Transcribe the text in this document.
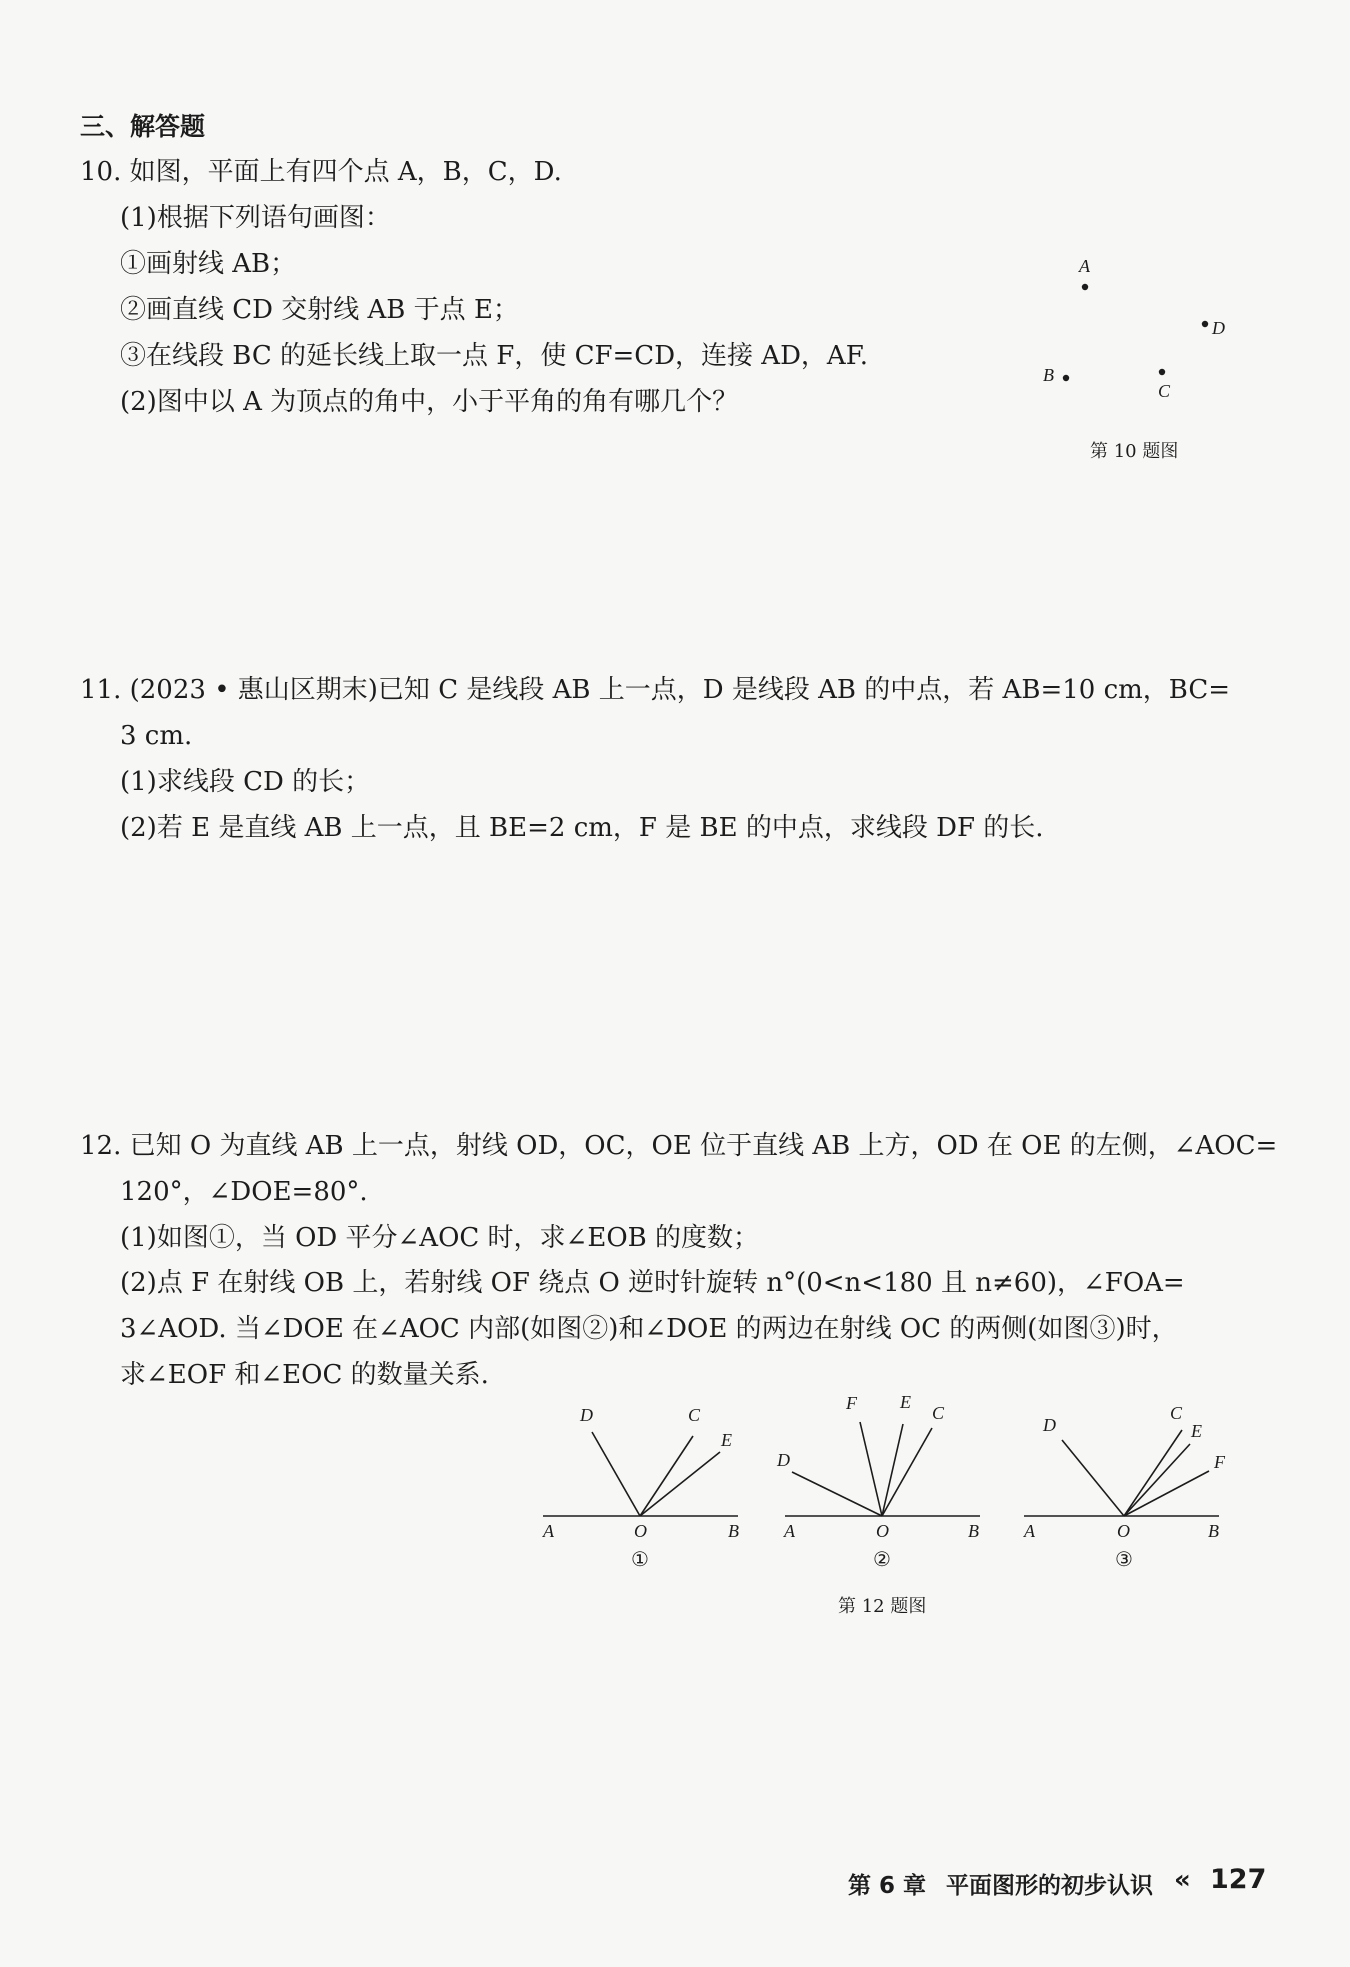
三、解答题
10. 如图，平面上有四个点 A，B，C，D.
(1)根据下列语句画图：
①画射线 AB；
②画直线 CD 交射线 AB 于点 E；
③在线段 BC 的延长线上取一点 F，使 CF=CD，连接 AD，AF.
(2)图中以 A 为顶点的角中，小于平角的角有哪几个？
A
B
C
D
第 10 题图
11. (2023 • 惠山区期末)已知 C 是线段 AB 上一点，D 是线段 AB 的中点，若 AB=10 cm，BC=
3 cm.
(1)求线段 CD 的长；
(2)若 E 是直线 AB 上一点，且 BE=2 cm，F 是 BE 的中点，求线段 DF 的长.
12. 已知 O 为直线 AB 上一点，射线 OD，OC，OE 位于直线 AB 上方，OD 在 OE 的左侧，∠AOC=
120°，∠DOE=80°.
(1)如图①，当 OD 平分∠AOC 时，求∠EOB 的度数；
(2)点 F 在射线 OB 上，若射线 OF 绕点 O 逆时针旋转 n°(0<n<180 且 n≠60)，∠FOA=
3∠AOD. 当∠DOE 在∠AOC 内部(如图②)和∠DOE 的两边在射线 OC 的两侧(如图③)时，
求∠EOF 和∠EOC 的数量关系.
D	C
E
A	O	B
①
F E
C
D
A	O	B
②
D
C
E
F
A	O	B
③
第 12 题图
第 6 章 平面图形的初步认识 « 127
